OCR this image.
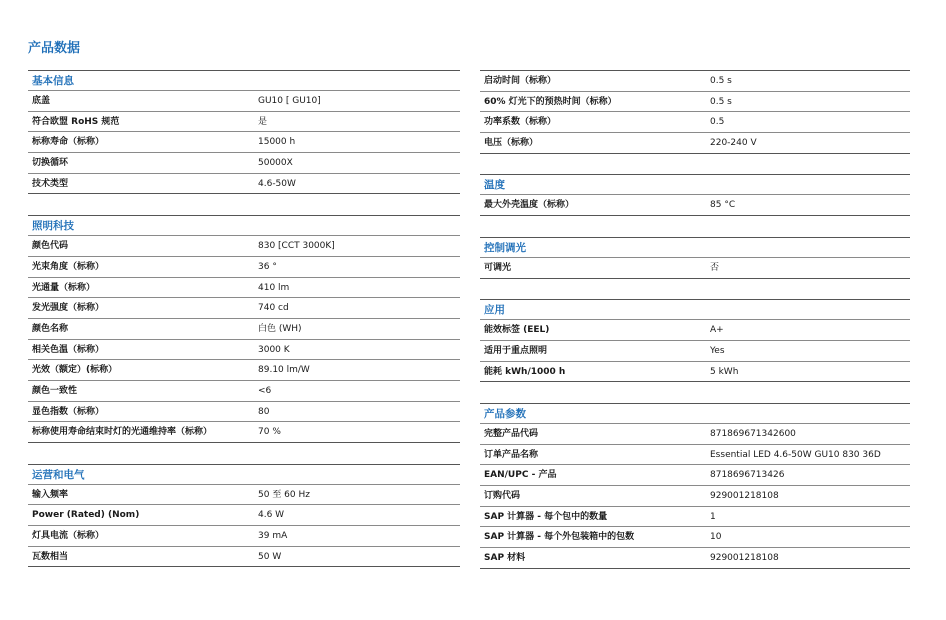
产品数据
基本信息
底盖	GU10 [ GU10]
符合欧盟 RoHS 规范	是
标称寿命（标称）	15000 h
切换循环	50000X
技术类型	4.6-50W
照明科技
颜色代码	830 [CCT 3000K]
光束角度（标称）	36 °
光通量（标称）	410 lm
发光强度（标称）	740 cd
颜色名称	白色 (WH)
相关色温（标称）	3000 K
光效（额定）(标称）	89.10 lm/W
颜色一致性	<6
显色指数（标称）	80
标称使用寿命结束时灯的光通维持率（标称）	70 %
运营和电气
输入频率	50 至 60 Hz
Power (Rated) (Nom)	4.6 W
灯具电流（标称）	39 mA
瓦数相当	50 W
启动时间（标称）	0.5 s
60% 灯光下的预热时间（标称）	0.5 s
功率系数（标称）	0.5
电压（标称）	220-240 V
温度
最大外壳温度（标称）	85 °C
控制调光
可调光	否
应用
能效标签 (EEL)	A+
适用于重点照明	Yes
能耗 kWh/1000 h	5 kWh
产品参数
完整产品代码	871869671342600
订单产品名称	Essential LED 4.6-50W GU10 830 36D
EAN/UPC - 产品	8718696713426
订购代码	929001218108
SAP 计算器 - 每个包中的数量	1
SAP 计算器 - 每个外包装箱中的包数	10
SAP 材料	929001218108
